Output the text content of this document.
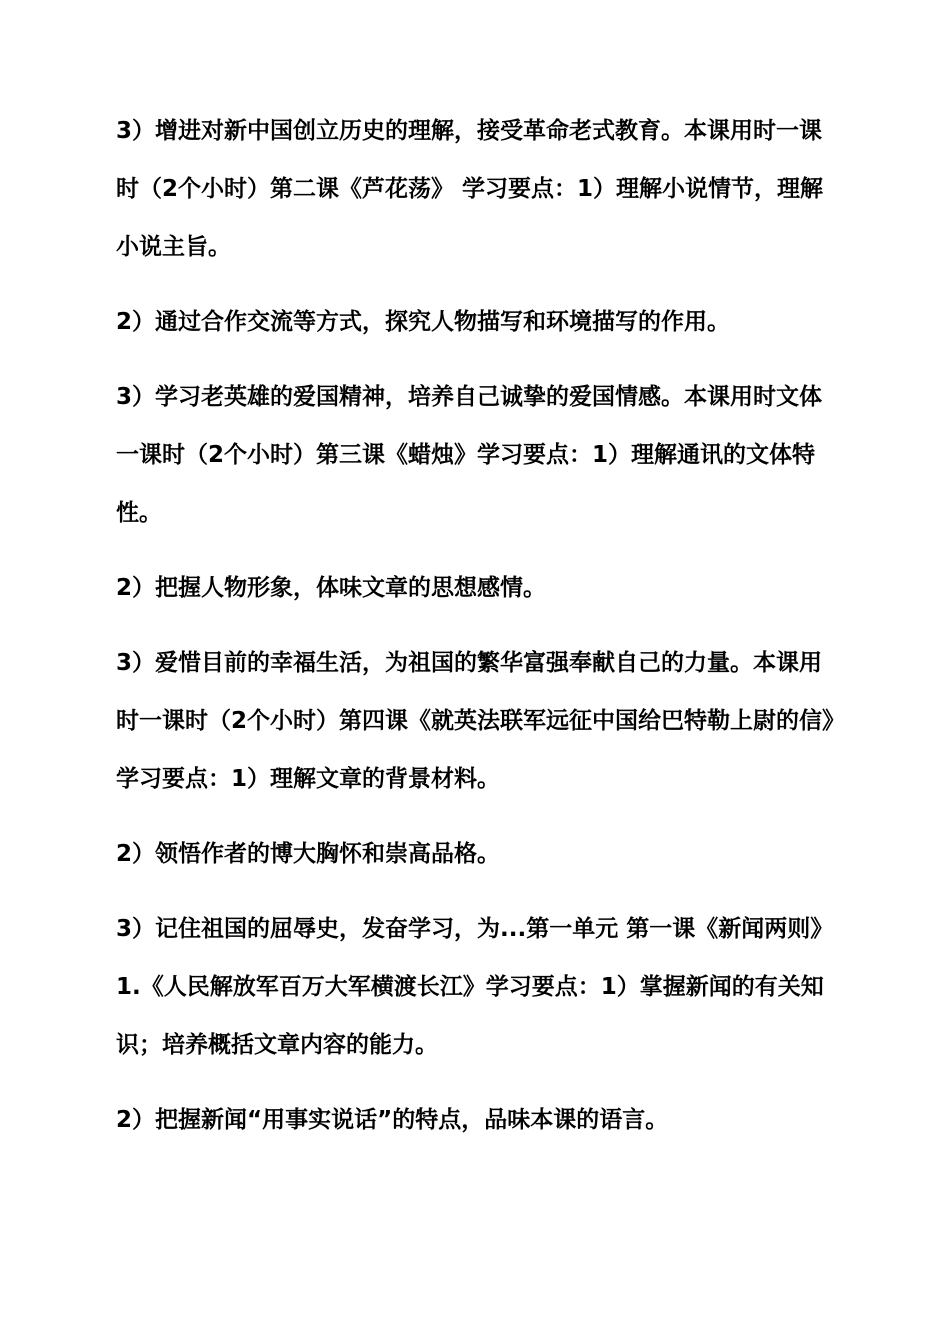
3）增进对新中国创立历史的理解，接受革命老式教育。本课用时一课时（2个小时）第二课《芦花荡》 学习要点：1）理解小说情节，理解小说主旨。

2）通过合作交流等方式，探究人物描写和环境描写的作用。

3）学习老英雄的爱国精神，培养自己诚挚的爱国情感。本课用时文体一课时（2个小时）第三课《蜡烛》学习要点：1）理解通讯的文体特性。

2）把握人物形象，体味文章的思想感情。

3）爱惜目前的幸福生活，为祖国的繁华富强奉献自己的力量。本课用时一课时（2个小时）第四课《就英法联军远征中国给巴特勒上尉的信》学习要点：1）理解文章的背景材料。

2）领悟作者的博大胸怀和崇高品格。

3）记住祖国的屈辱史，发奋学习，为...第一单元 第一课《新闻两则》1.《人民解放军百万大军横渡长江》学习要点：1）掌握新闻的有关知识；培养概括文章内容的能力。

2）把握新闻“用事实说话”的特点，品味本课的语言。
